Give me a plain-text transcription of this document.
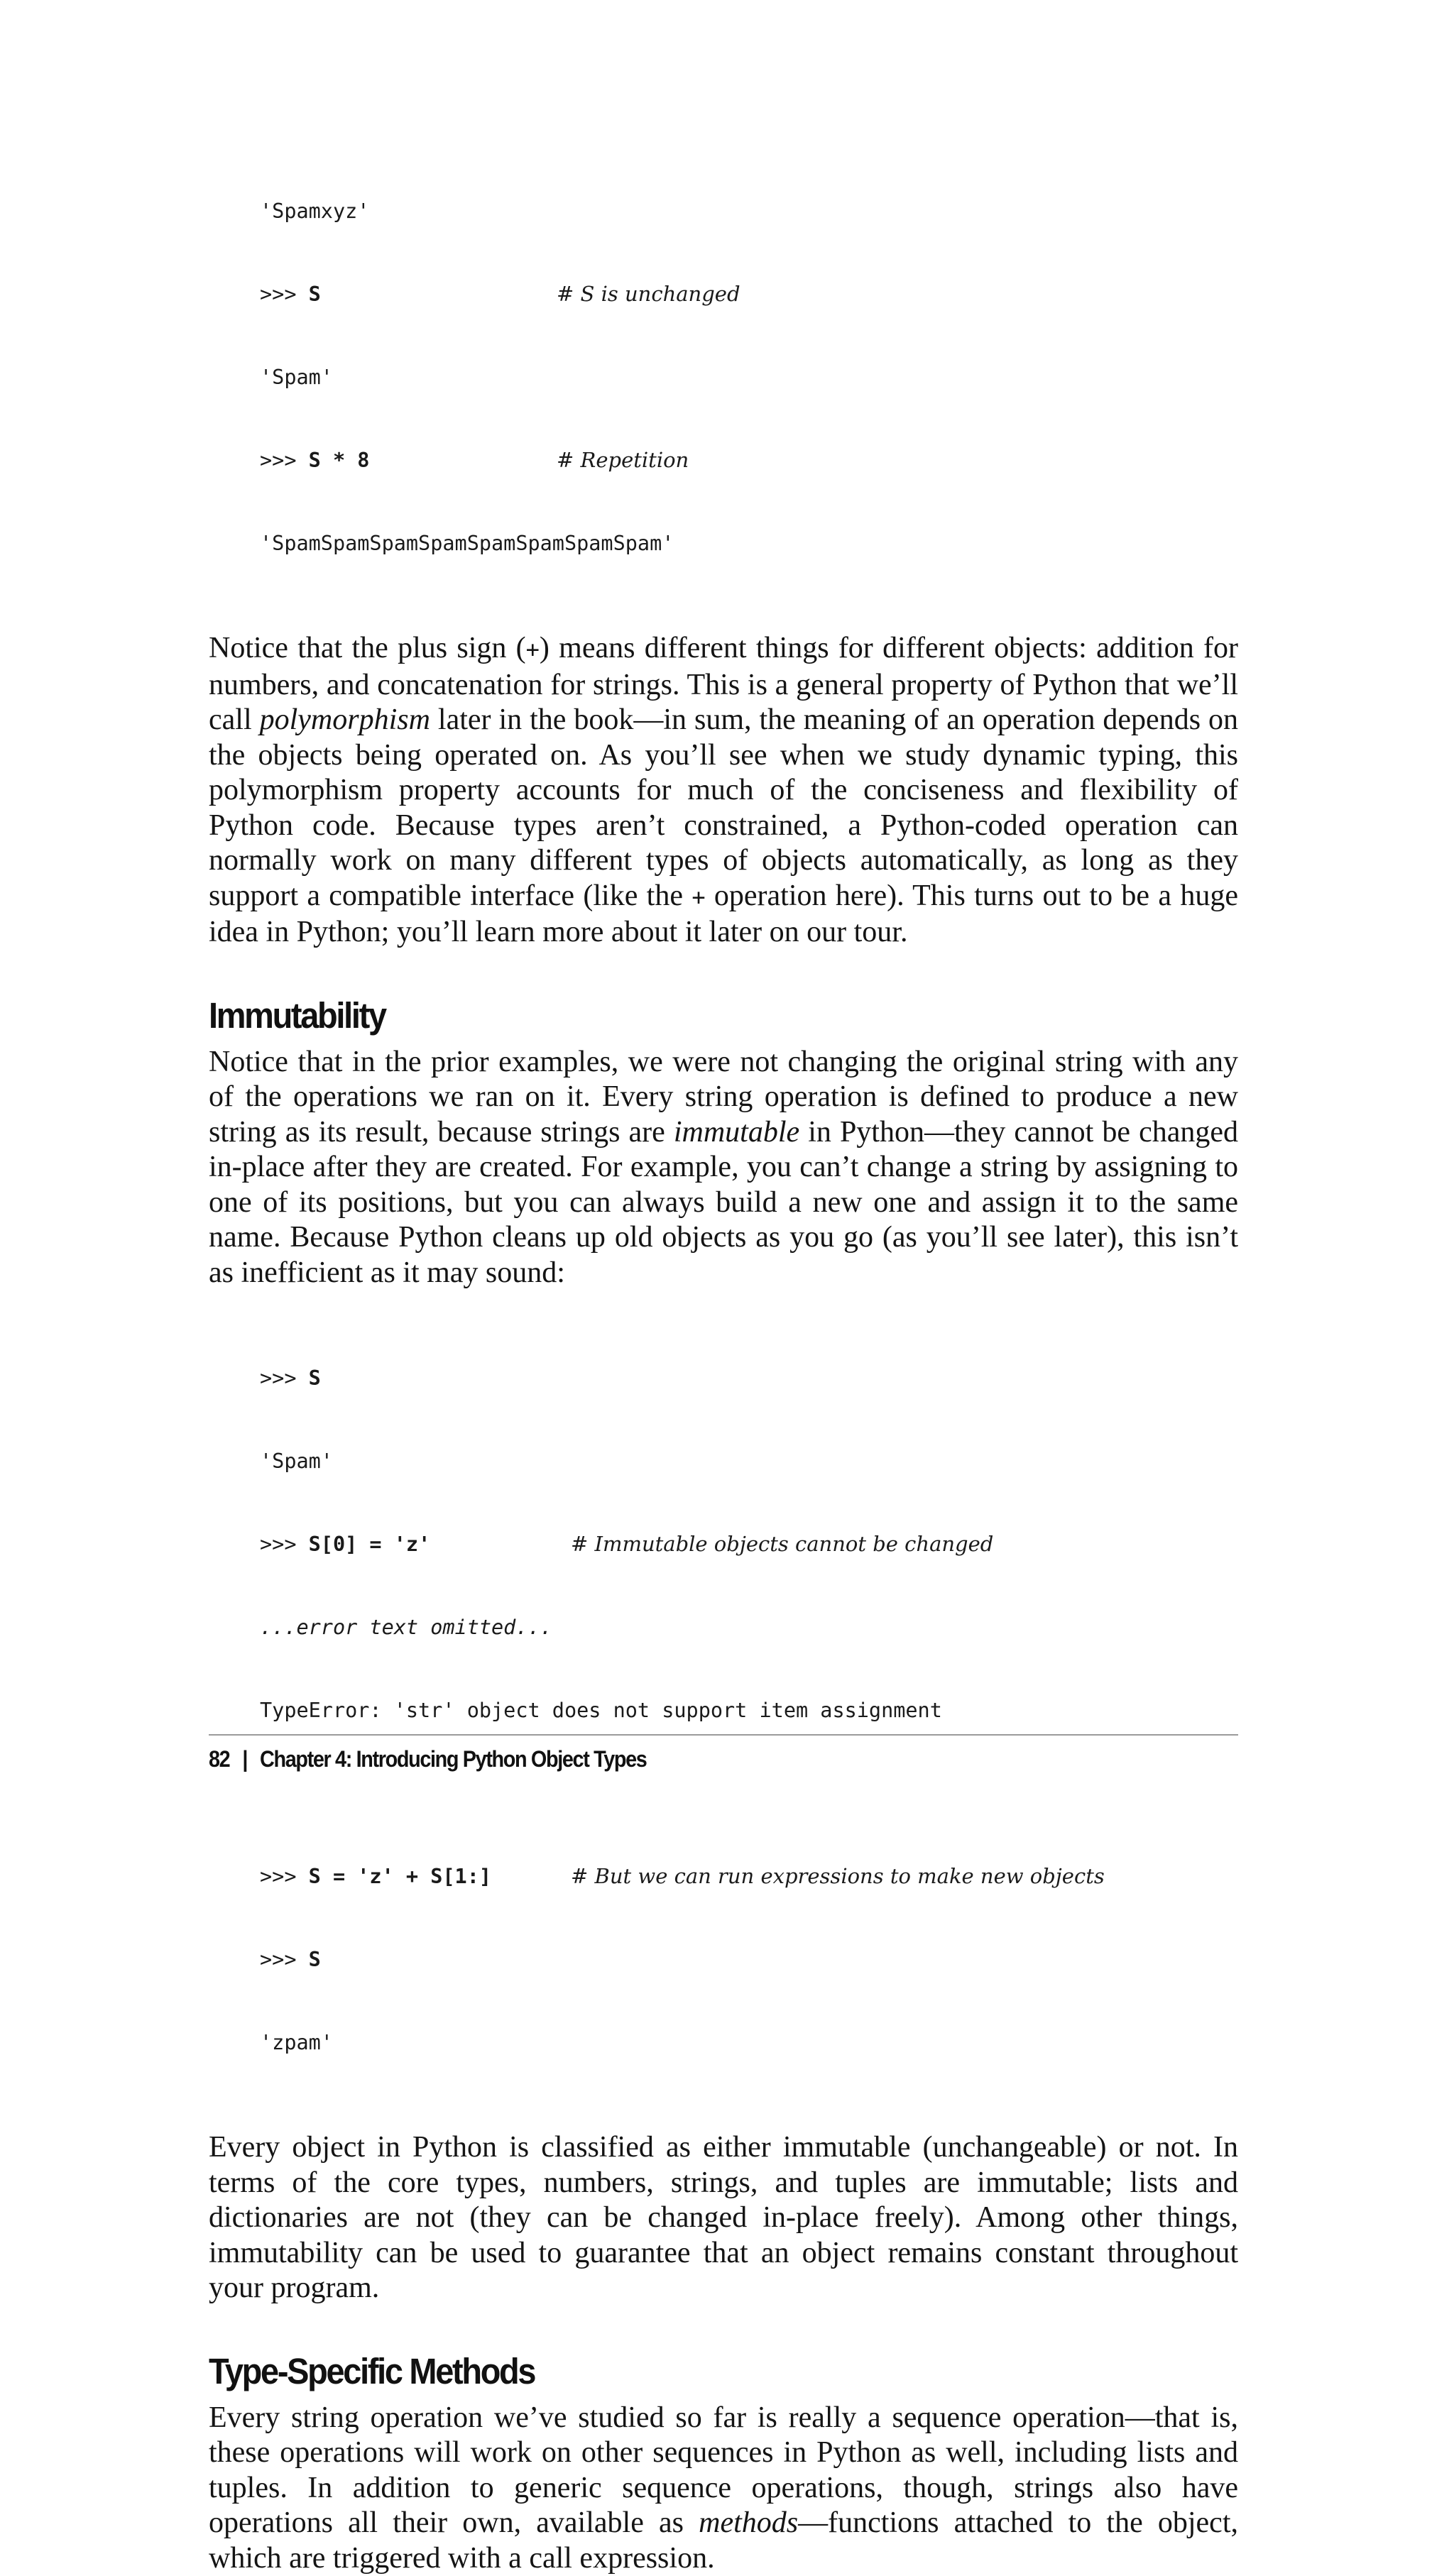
'Spamxyz'

>>> S	# S is unchanged

'Spam'

>>> S * 8	# Repetition

'SpamSpamSpamSpamSpamSpamSpamSpam'

Notice that the plus sign (+) means different things for different objects: addition for numbers, and concatenation for strings. This is a general property of Python that we’ll call polymorphism later in the book—in sum, the meaning of an operation depends on the objects being operated on. As you’ll see when we study dynamic typing, this polymorphism property accounts for much of the conciseness and flexibility of Python code. Because types aren’t constrained, a Python-coded operation can normally work on many different types of objects automatically, as long as they support a compatible interface (like the + operation here). This turns out to be a huge idea in Python; you’ll learn more about it later on our tour.

Immutability

Notice that in the prior examples, we were not changing the original string with any of the operations we ran on it. Every string operation is defined to produce a new string as its result, because strings are immutable in Python—they cannot be changed in-place after they are created. For example, you can’t change a string by assigning to one of its positions, but you can always build a new one and assign it to the same name. Because Python cleans up old objects as you go (as you’ll see later), this isn’t as inefficient as it may sound:

>>> S

'Spam'

>>> S[0] = 'z'	# Immutable objects cannot be changed

...error text omitted...

TypeError: 'str' object does not support item assignment

>>> S = 'z' + S[1:]	# But we can run expressions to make new objects

>>> S

'zpam'

Every object in Python is classified as either immutable (unchangeable) or not. In terms of the core types, numbers, strings, and tuples are immutable; lists and dictionaries are not (they can be changed in-place freely). Among other things, immutability can be used to guarantee that an object remains constant throughout your program.

Type-Specific Methods

Every string operation we’ve studied so far is really a sequence operation—that is, these operations will work on other sequences in Python as well, including lists and tuples. In addition to generic sequence operations, though, strings also have operations all their own, available as methods—functions attached to the object, which are triggered with a call expression.

82 | Chapter 4: Introducing Python Object Types
